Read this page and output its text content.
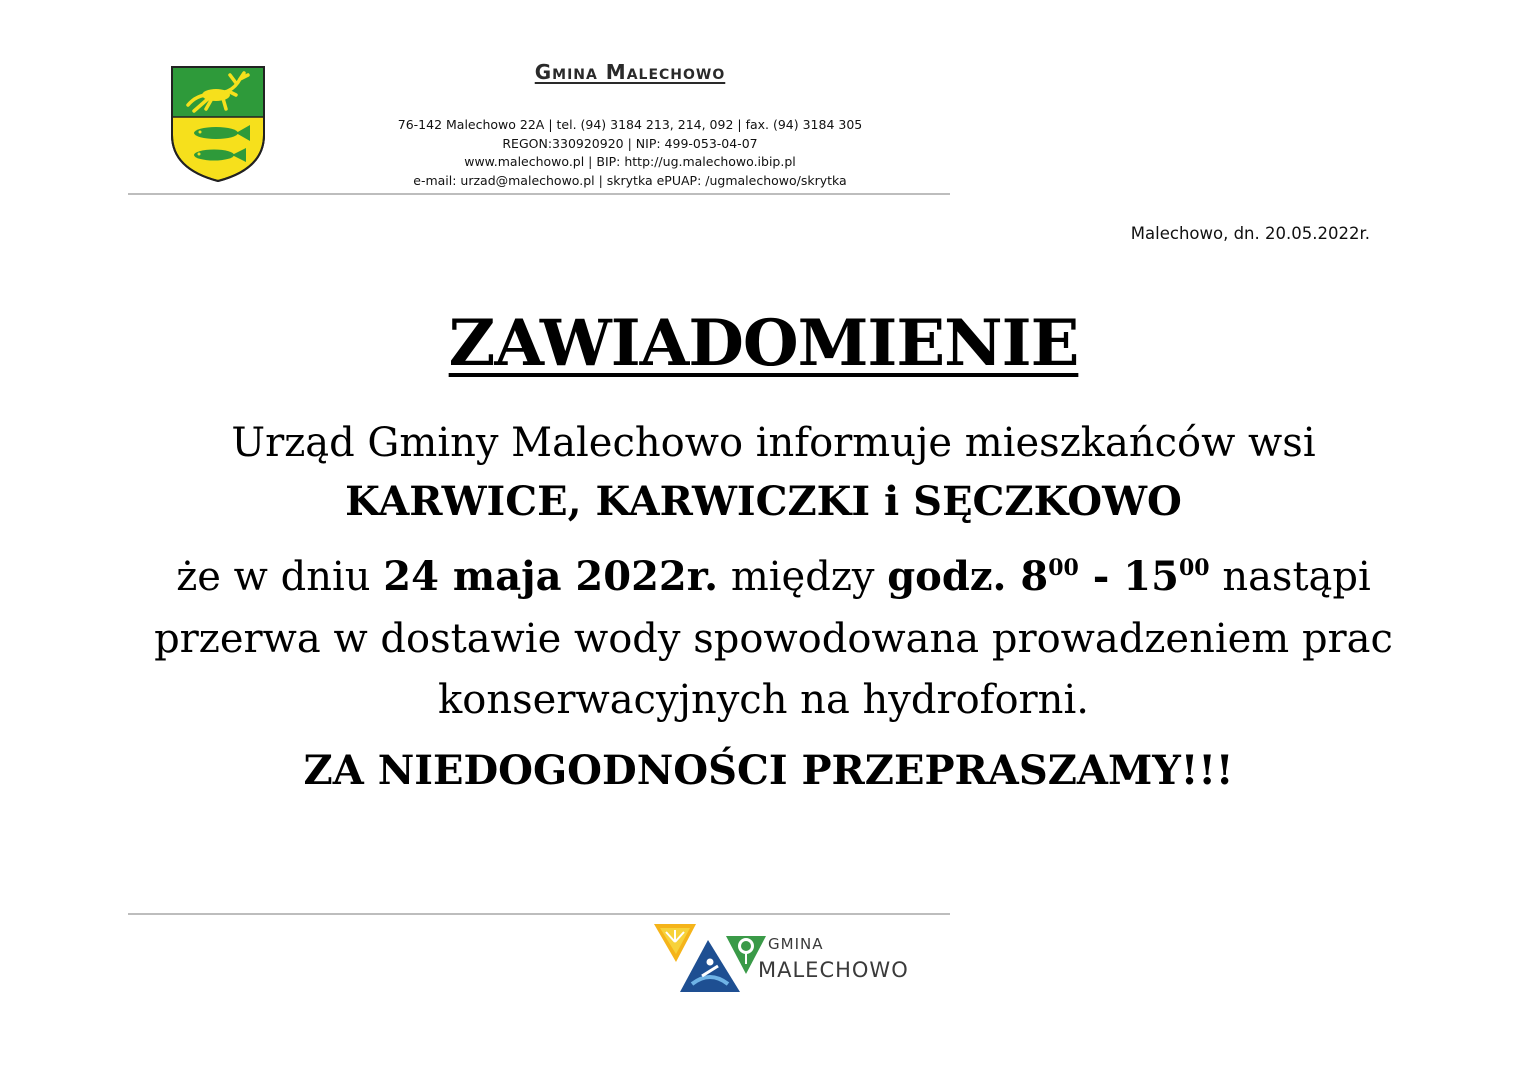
Gmina Malechowo
76-142 Malechowo 22A | tel. (94) 3184 213, 214, 092 | fax. (94) 3184 305
REGON:330920920 | NIP: 499-053-04-07
www.malechowo.pl | BIP: http://ug.malechowo.ibip.pl
e-mail: urzad@malechowo.pl | skrytka ePUAP: /ugmalechowo/skrytka
Malechowo, dn. 20.05.2022r.
ZAWIADOMIENIE
Urząd Gminy Malechowo informuje mieszkańców wsi
KARWICE, KARWICZKI i SĘCZKOWO
że w dniu 24 maja 2022r. między godz. $8^{00} - 15^{00}$ nastąpi
przerwa w dostawie wody spowodowana prowadzeniem prac
konserwacyjnych na hydroforni.
ZA NIEDOGODNOŚCI PRZEPRASZAMY!!!
GMINA
MALECHOWO
